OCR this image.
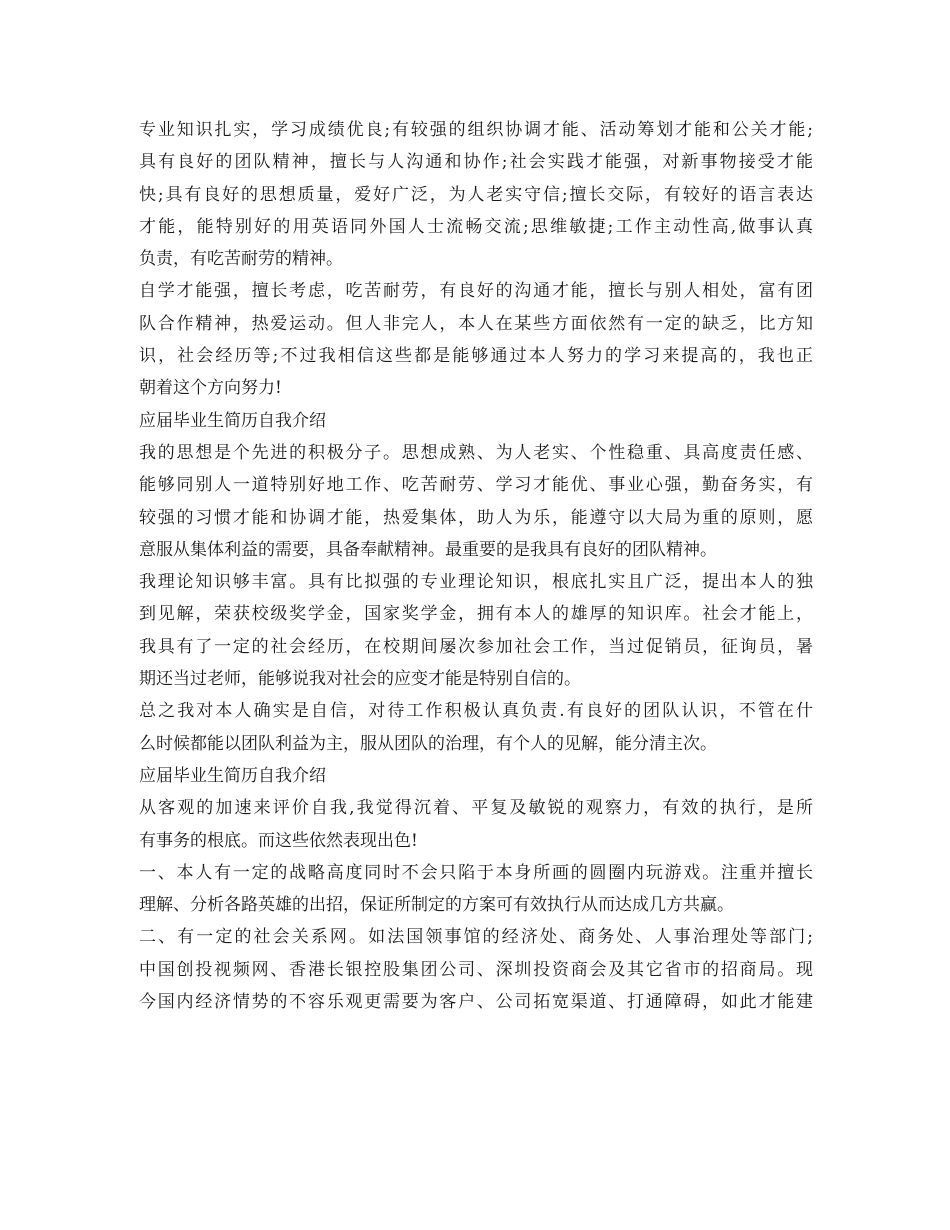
专业知识扎实，学习成绩优良;有较强的组织协调才能、活动筹划才能和公关才能;
具有良好的团队精神，擅长与人沟通和协作;社会实践才能强，对新事物接受才能
快;具有良好的思想质量，爱好广泛，为人老实守信;擅长交际，有较好的语言表达
才能，能特别好的用英语同外国人士流畅交流;思维敏捷;工作主动性高,做事认真
负责，有吃苦耐劳的精神。
自学才能强，擅长考虑，吃苦耐劳，有良好的沟通才能，擅长与别人相处，富有团
队合作精神，热爱运动。但人非完人，本人在某些方面依然有一定的缺乏，比方知
识，社会经历等;不过我相信这些都是能够通过本人努力的学习来提高的，我也正
朝着这个方向努力!
应届毕业生简历自我介绍
我的思想是个先进的积极分子。思想成熟、为人老实、个性稳重、具高度责任感、
能够同别人一道特别好地工作、吃苦耐劳、学习才能优、事业心强，勤奋务实，有
较强的习惯才能和协调才能，热爱集体，助人为乐，能遵守以大局为重的原则，愿
意服从集体利益的需要，具备奉献精神。最重要的是我具有良好的团队精神。
我理论知识够丰富。具有比拟强的专业理论知识，根底扎实且广泛，提出本人的独
到见解，荣获校级奖学金，国家奖学金，拥有本人的雄厚的知识库。社会才能上，
我具有了一定的社会经历，在校期间屡次参加社会工作，当过促销员，征询员，暑
期还当过老师，能够说我对社会的应变才能是特别自信的。
总之我对本人确实是自信，对待工作积极认真负责.有良好的团队认识，不管在什
么时候都能以团队利益为主，服从团队的治理，有个人的见解，能分清主次。
应届毕业生简历自我介绍
从客观的加速来评价自我,我觉得沉着、平复及敏锐的观察力，有效的执行，是所
有事务的根底。而这些依然表现出色!
一、本人有一定的战略高度同时不会只陷于本身所画的圆圈内玩游戏。注重并擅长
理解、分析各路英雄的出招，保证所制定的方案可有效执行从而达成几方共赢。
二、有一定的社会关系网。如法国领事馆的经济处、商务处、人事治理处等部门;
中国创投视频网、香港长银控股集团公司、深圳投资商会及其它省市的招商局。现
今国内经济情势的不容乐观更需要为客户、公司拓宽渠道、打通障碍，如此才能建
